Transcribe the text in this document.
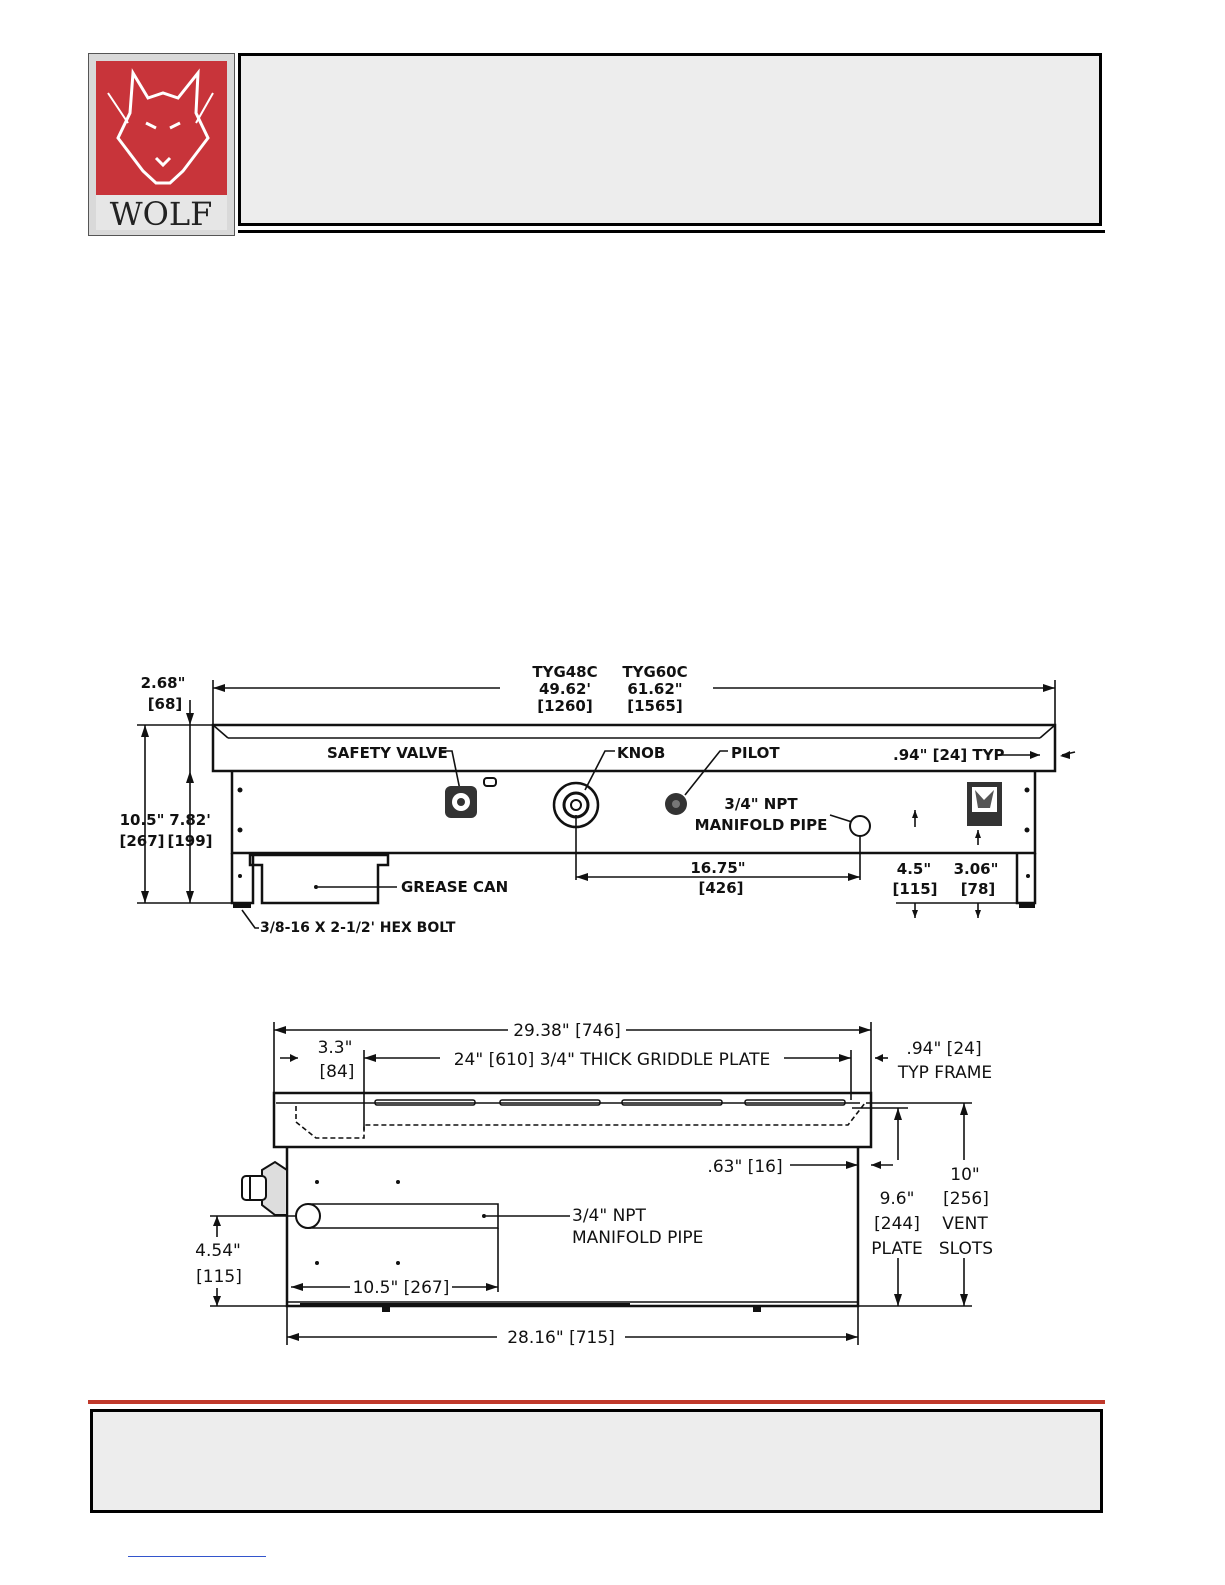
WOLF
TYG48C
49.62'
[1260]
TYG60C
61.62"
[1565]
2.68"
[68]
10.5"
[267]
7.82'
[199]
SAFETY VALVE	KNOB	PILOT	.94" [24] TYP
3/4" NPT
MANIFOLD PIPE
16.75"
[426]
4.5"
[115]
3.06"
[78]
GREASE CAN
3/8-16 X 2-1/2' HEX BOLT
29.38" [746]
3.3"
[84]
24" [610] 3/4" THICK GRIDDLE PLATE
.94" [24]
TYP FRAME
3/4" NPT
MANIFOLD PIPE
.63" [16]
9.6"
[244]
PLATE
10"
[256]
VENT
SLOTS
4.54"
[115]
10.5" [267]
28.16" [715]
